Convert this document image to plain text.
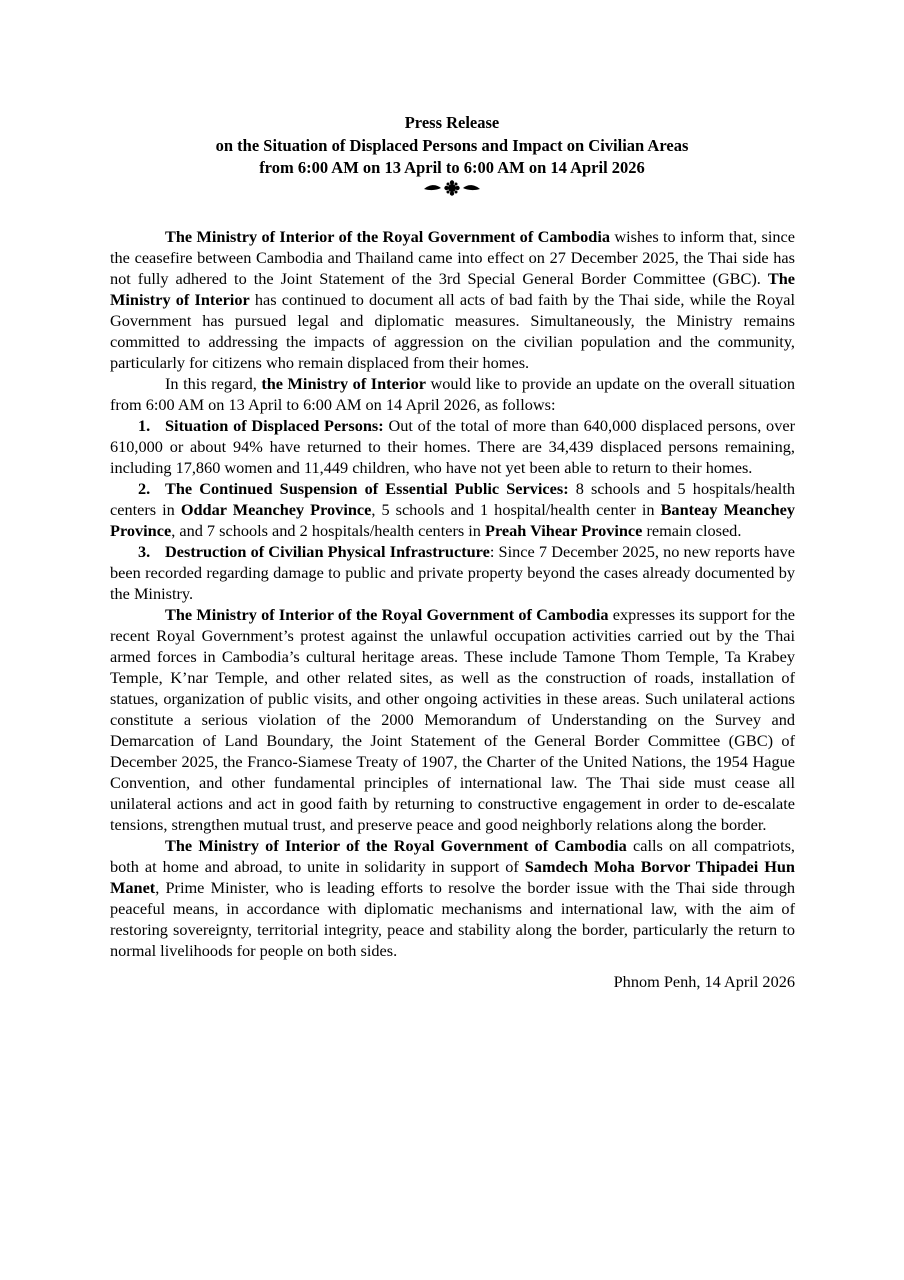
Press Release
on the Situation of Displaced Persons and Impact on Civilian Areas
from 6:00 AM on 13 April to 6:00 AM on 14 April 2026

The Ministry of Interior of the Royal Government of Cambodia wishes to inform that, since the ceasefire between Cambodia and Thailand came into effect on 27 December 2025, the Thai side has not fully adhered to the Joint Statement of the 3rd Special General Border Committee (GBC). The Ministry of Interior has continued to document all acts of bad faith by the Thai side, while the Royal Government has pursued legal and diplomatic measures. Simultaneously, the Ministry remains committed to addressing the impacts of aggression on the civilian population and the community, particularly for citizens who remain displaced from their homes.

In this regard, the Ministry of Interior would like to provide an update on the overall situation from 6:00 AM on 13 April to 6:00 AM on 14 April 2026, as follows:

1. Situation of Displaced Persons: Out of the total of more than 640,000 displaced persons, over 610,000 or about 94% have returned to their homes. There are 34,439 displaced persons remaining, including 17,860 women and 11,449 children, who have not yet been able to return to their homes.

2. The Continued Suspension of Essential Public Services: 8 schools and 5 hospitals/health centers in Oddar Meanchey Province, 5 schools and 1 hospital/health center in Banteay Meanchey Province, and 7 schools and 2 hospitals/health centers in Preah Vihear Province remain closed.

3. Destruction of Civilian Physical Infrastructure: Since 7 December 2025, no new reports have been recorded regarding damage to public and private property beyond the cases already documented by the Ministry.

The Ministry of Interior of the Royal Government of Cambodia expresses its support for the recent Royal Government’s protest against the unlawful occupation activities carried out by the Thai armed forces in Cambodia’s cultural heritage areas. These include Tamone Thom Temple, Ta Krabey Temple, K’nar Temple, and other related sites, as well as the construction of roads, installation of statues, organization of public visits, and other ongoing activities in these areas. Such unilateral actions constitute a serious violation of the 2000 Memorandum of Understanding on the Survey and Demarcation of Land Boundary, the Joint Statement of the General Border Committee (GBC) of December 2025, the Franco-Siamese Treaty of 1907, the Charter of the United Nations, the 1954 Hague Convention, and other fundamental principles of international law. The Thai side must cease all unilateral actions and act in good faith by returning to constructive engagement in order to de-escalate tensions, strengthen mutual trust, and preserve peace and good neighborly relations along the border.

The Ministry of Interior of the Royal Government of Cambodia calls on all compatriots, both at home and abroad, to unite in solidarity in support of Samdech Moha Borvor Thipadei Hun Manet, Prime Minister, who is leading efforts to resolve the border issue with the Thai side through peaceful means, in accordance with diplomatic mechanisms and international law, with the aim of restoring sovereignty, territorial integrity, peace and stability along the border, particularly the return to normal livelihoods for people on both sides.

Phnom Penh, 14 April 2026
